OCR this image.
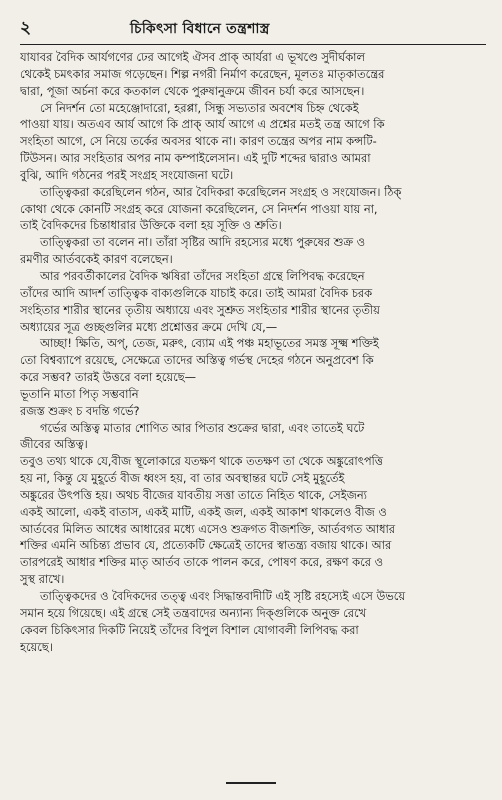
২	চিকিৎসা বিধানে তন্ত্রশাস্ত্র

যাযাবর বৈদিক আর্যগণের ঢের আগেই ঐসব প্রাক্ আর্যরা এ ভূখণ্ডে সুদীর্ঘকাল
থেকেই চমৎকার সমাজ গড়েছেন। শিল্প নগরী নির্মাণ করেছেন, মূলতঃ মাতৃকাতন্ত্রের
দ্বারা, পূজা অর্চনা করে কতকাল থেকে পুরুষানুক্রমে জীবন চর্যা করে আসছেন।

সে নিদর্শন তো মহেঞ্জোদারো, হরপ্পা, সিন্ধু সভ্যতার অবশেষ চিহ্ন থেকেই
পাওয়া যায়। অতএব আর্য আগে কি প্রাক্ আর্য আগে এ প্রশ্নের মতই তন্ত্র আগে কি
সংহিতা আগে, সে নিয়ে তর্কের অবসর থাকে না। কারণ তন্ত্রের অপর নাম কন্সটি-
টিউসন। আর সংহিতার অপর নাম কম্পাইলেসান। এই দুটি শব্দের দ্বারাও আমরা
বুঝি, আদি গঠনের পরই সংগ্রহ সংযোজনা ঘটে।

তাত্ত্বিকরা করেছিলেন গঠন, আর বৈদিকরা করেছিলেন সংগ্রহ ও সংযোজন। ঠিক্
কোথা থেকে কোনটি সংগ্রহ করে যোজনা করেছিলেন, সে নিদর্শন পাওয়া যায় না,
তাই বৈদিকদের চিন্তাধারার উক্তিকে বলা হয় সূক্তি ও শ্রুতি।

তাত্ত্বিকরা তা বলেন না। তাঁরা সৃষ্টির আদি রহস্যের মধ্যে পুরুষের শুক্র ও
রমণীর আর্তবকেই কারণ বলেছেন।

আর পরবর্তীকালের বৈদিক ঋষিরা তাঁদের সংহিতা গ্রন্থে লিপিবদ্ধ করেছেন
তাঁদের আদি আদর্শ তাত্ত্বিক বাক্যগুলিকে যাচাই করে। তাই আমরা বৈদিক চরক
সংহিতার শারীর স্থানের তৃতীয় অধ্যায়ে এবং সুশ্রুত সংহিতার শারীর স্থানের তৃতীয়
অধ্যায়ের সূত্র গুচ্ছগুলির মধ্যে প্রশ্নোত্তর ক্রমে দেখি যে,—

আচ্ছা! ক্ষিতি, অপ্, তেজ, মরুৎ, ব্যোম এই পঞ্চ মহাভূতের সমস্ত সূক্ষ্ম শক্তিই
তো বিশ্বব্যাপে রয়েছে, সেক্ষেত্রে তাদের অস্তিত্ব গর্ভস্থ দেহের গঠনে অনুপ্রবেশ কি
করে সম্ভব? তারই উত্তরে বলা হয়েছে—

ভূতানি মাতা পিতৃ সম্ভবানি
রজস্ত শুক্রং চ বদন্তি গর্ভে?

গর্ভের অস্তিত্ব মাতার শোণিত আর পিতার শুক্রের দ্বারা, এবং তাতেই ঘটে
জীবের অস্তিত্ব।

তবুও তথ্য থাকে যে,বীজ স্থূলোকারে যতক্ষণ থাকে ততক্ষণ তা থেকে অঙ্কুরোৎপত্তি
হয় না, কিন্তু যে মুহূর্তে বীজ ধ্বংস হয়, বা তার অবস্থান্তর ঘটে সেই মুহূর্তেই
অঙ্কুরের উৎপত্তি হয়। অথচ বীজের যাবতীয় সত্তা তাতে নিহিত থাকে, সেইজন্য
একই আলো, একই বাতাস, একই মাটি, একই জল, একই আকাশ থাকলেও বীজ ও
আর্তবের মিলিত আধের আধারের মধ্যে এসেও শুক্রগত বীজশক্তি, আর্তবগত আধার
শক্তির এমনি অচিন্ত্য প্রভাব যে, প্রত্যেকটি ক্ষেত্রেই তাদের স্বাতন্ত্র্য বজায় থাকে। আর
তারপরেই আধার শক্তির মাতৃ আর্তব তাকে পালন করে, পোষণ করে, রক্ষণ করে ও
সুস্থ রাখে।

তাত্ত্বিকদের ও বৈদিকদের তত্ত্ব এবং সিদ্ধান্তবাদীটি এই সৃষ্টি রহস্যেই এসে উভয়ে
সমান হয়ে গিয়েছে। এই গ্রন্থে সেই তন্ত্রবাদের অন্যান্য দিক্গুলিকে অনুক্ত রেখে
কেবল চিকিৎসার দিকটি নিয়েই তাঁদের বিপুল বিশাল যোগাবলী লিপিবদ্ধ করা
হয়েছে।
